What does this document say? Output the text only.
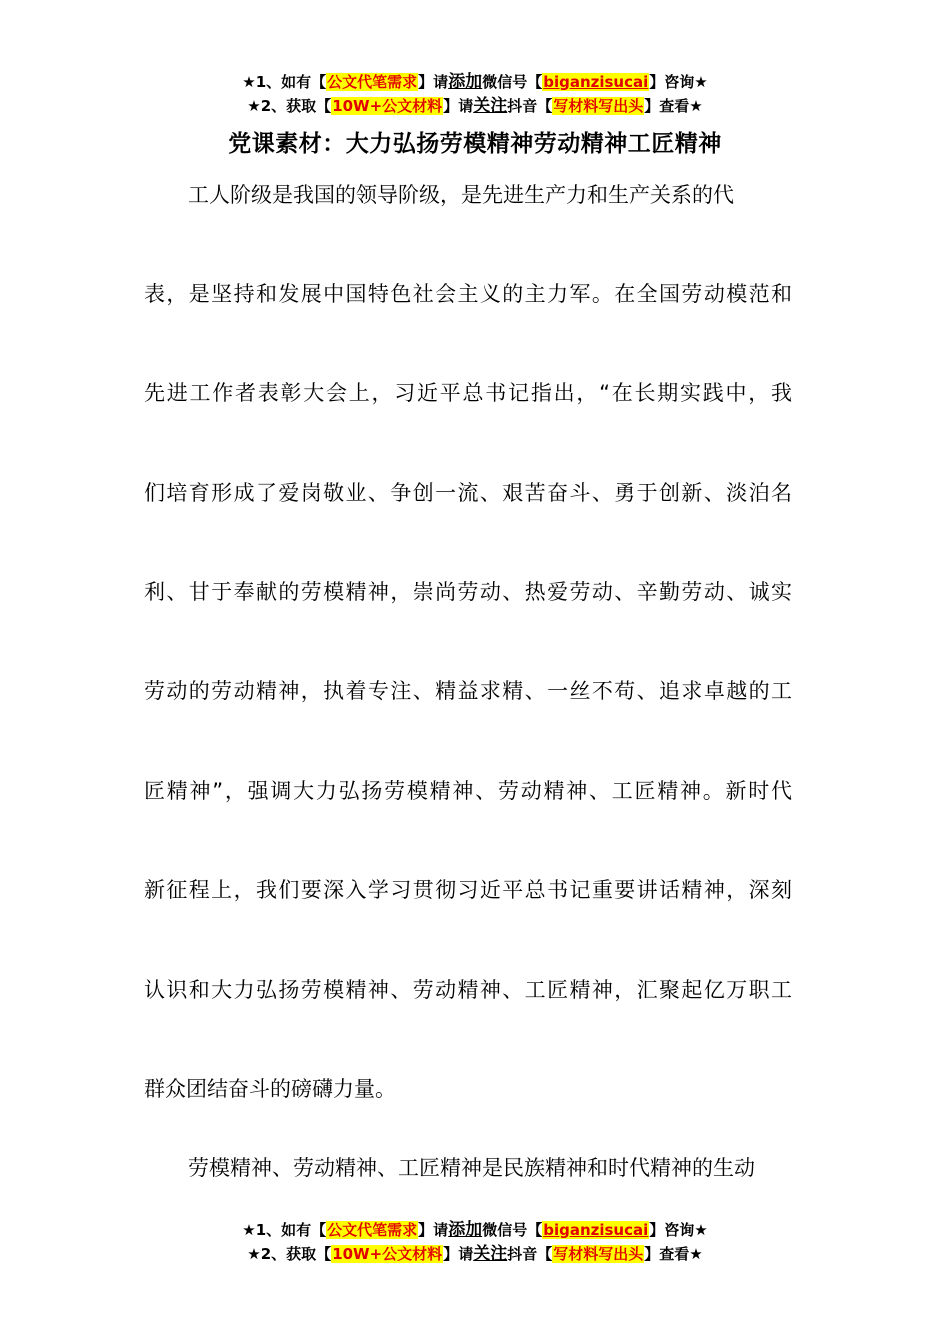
★1、如有【公文代笔需求】请添加微信号【biganzisucai】咨询★
★2、获取【10W+公文材料】请关注抖音【写材料写出头】查看★
党课素材：大力弘扬劳模精神劳动精神工匠精神
工人阶级是我国的领导阶级，是先进生产力和生产关系的代
表，是坚持和发展中国特色社会主义的主力军。在全国劳动模范和
先进工作者表彰大会上，习近平总书记指出，“在长期实践中，我
们培育形成了爱岗敬业、争创一流、艰苦奋斗、勇于创新、淡泊名
利、甘于奉献的劳模精神，崇尚劳动、热爱劳动、辛勤劳动、诚实
劳动的劳动精神，执着专注、精益求精、一丝不苟、追求卓越的工
匠精神”，强调大力弘扬劳模精神、劳动精神、工匠精神。新时代
新征程上，我们要深入学习贯彻习近平总书记重要讲话精神，深刻
认识和大力弘扬劳模精神、劳动精神、工匠精神，汇聚起亿万职工
群众团结奋斗的磅礴力量。
劳模精神、劳动精神、工匠精神是民族精神和时代精神的生动
★1、如有【公文代笔需求】请添加微信号【biganzisucai】咨询★
★2、获取【10W+公文材料】请关注抖音【写材料写出头】查看★
